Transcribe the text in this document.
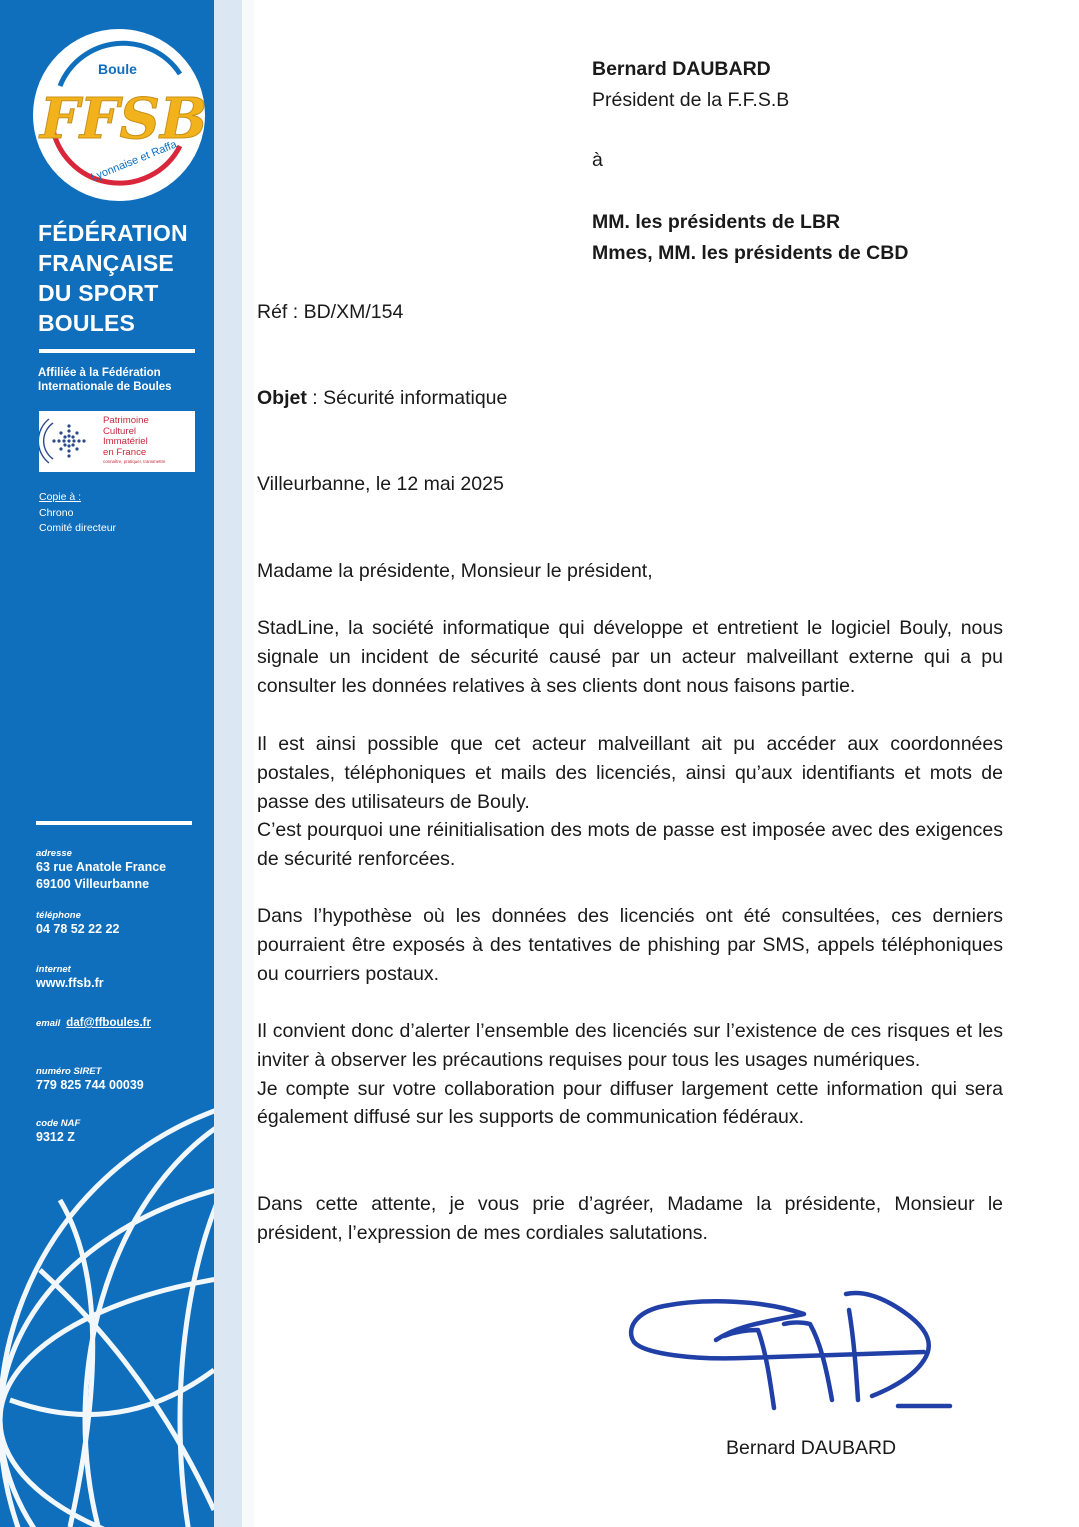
Boule
FFSB
Lyonnaise et Raffa
FÉDÉRATION
FRANÇAISE
DU SPORT
BOULES
Affiliée à la Fédération
Internationale de Boules
Patrimoine
Culturel
Immatériel
en France
connaître, pratiquer, transmettre
Copie à :
Chrono
Comité directeur
adresse
63 rue Anatole France
69100 Villeurbanne
téléphone
04 78 52 22 22
internet
www.ffsb.fr
email daf@ffboules.fr
numéro SIRET
779 825 744 00039
code NAF
9312 Z
Bernard DAUBARD
Président de la F.F.S.B
à
MM. les présidents de LBR
Mmes, MM. les présidents de CBD
Réf : BD/XM/154
Objet : Sécurité informatique
Villeurbanne, le 12 mai 2025
Madame la présidente, Monsieur le président,

StadLine, la société informatique qui développe et entretient le logiciel Bouly, nous signale un incident de sécurité causé par un acteur malveillant externe qui a pu consulter les données relatives à ses clients dont nous faisons partie.

Il est ainsi possible que cet acteur malveillant ait pu accéder aux coordonnées postales, téléphoniques et mails des licenciés, ainsi qu’aux identifiants et mots de passe des utilisateurs de Bouly.

C’est pourquoi une réinitialisation des mots de passe est imposée avec des exigences de sécurité renforcées.

Dans l’hypothèse où les données des licenciés ont été consultées, ces derniers pourraient être exposés à des tentatives de phishing par SMS, appels téléphoniques ou courriers postaux.

Il convient donc d’alerter l’ensemble des licenciés sur l’existence de ces risques et les inviter à observer les précautions requises pour tous les usages numériques.

Je compte sur votre collaboration pour diffuser largement cette information qui sera également diffusé sur les supports de communication fédéraux.

Dans cette attente, je vous prie d’agréer, Madame la présidente, Monsieur le président, l’expression de mes cordiales salutations.

Bernard DAUBARD
